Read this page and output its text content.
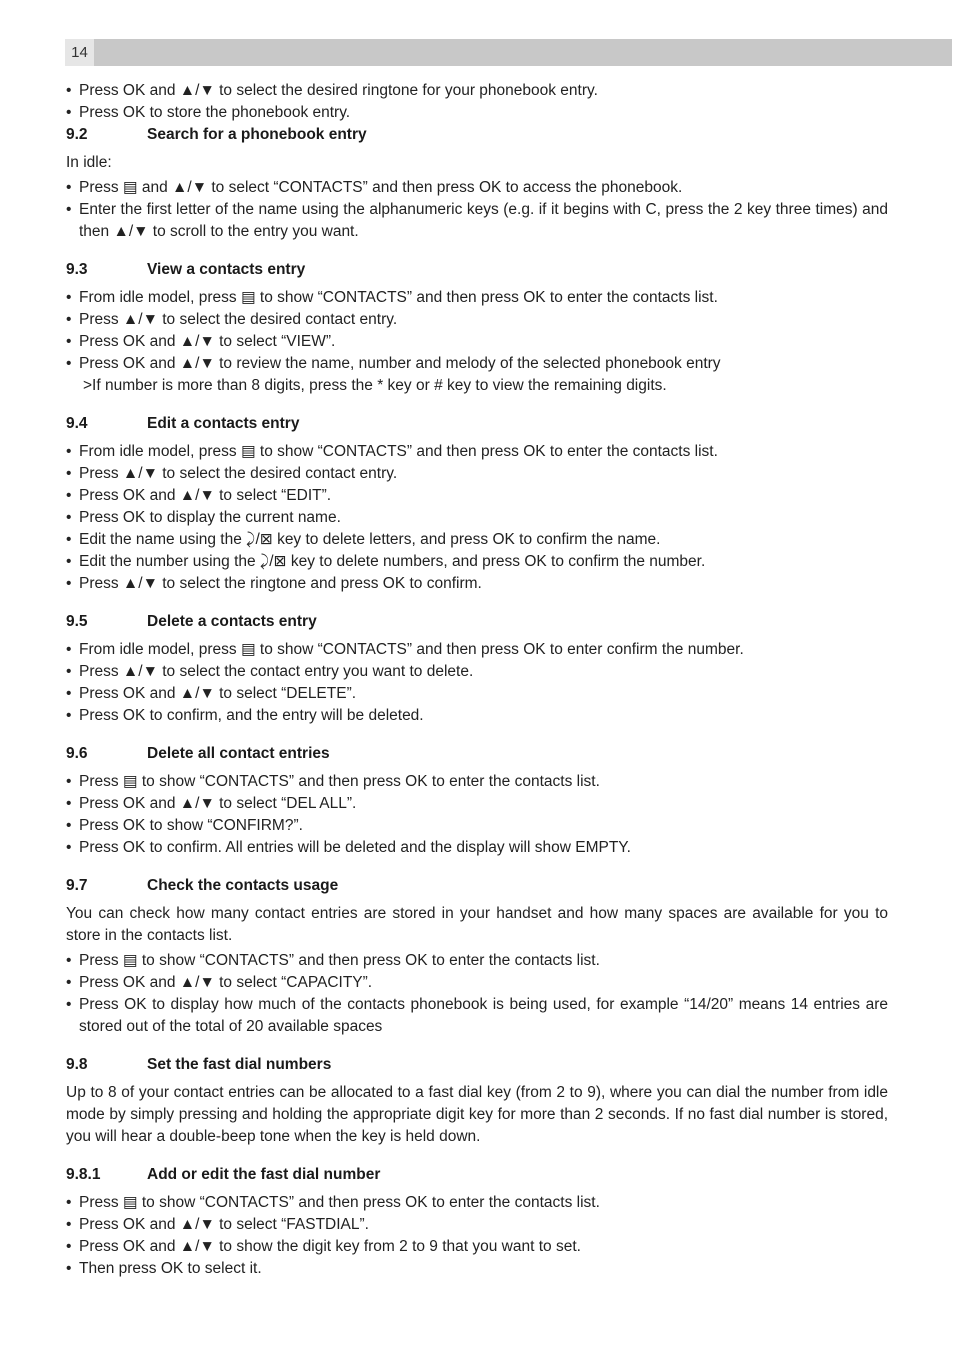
14
• Press OK and ▲/▼ to select the desired ringtone for your phonebook entry.
• Press OK to store the phonebook entry.
9.2	Search for a phonebook entry
In idle:
• Press ▤ and ▲/▼ to select “CONTACTS” and then press OK to access the phonebook.
• Enter the first letter of the name using the alphanumeric keys (e.g. if it begins with C, press the 2 key three times) and then ▲/▼ to scroll to the entry you want.
9.3	View a contacts entry
• From idle model, press ▤ to show “CONTACTS” and then press OK to enter the contacts list.
• Press ▲/▼ to select the desired contact entry.
• Press OK and ▲/▼ to select “VIEW”.
• Press OK and ▲/▼ to review the name, number and melody of the selected phonebook entry
>If number is more than 8 digits, press the * key or # key to view the remaining digits.
9.4	Edit a contacts entry
• From idle model, press ▤ to show “CONTACTS” and then press OK to enter the contacts list.
• Press ▲/▼ to select the desired contact entry.
• Press OK and ▲/▼ to select “EDIT”.
• Press OK to display the current name.
• Edit the name using the ⤸/⊠ key to delete letters, and press OK to confirm the name.
• Edit the number using the ⤸/⊠ key to delete numbers, and press OK to confirm the number.
• Press ▲/▼ to select the ringtone and press OK to confirm.
9.5	Delete a contacts entry
• From idle model, press ▤ to show “CONTACTS” and then press OK to enter confirm the number.
• Press ▲/▼ to select the contact entry you want to delete.
• Press OK and ▲/▼ to select “DELETE”.
• Press OK to confirm, and the entry will be deleted.
9.6	Delete all contact entries
• Press ▤ to show “CONTACTS” and then press OK to enter the contacts list.
• Press OK and ▲/▼ to select “DEL ALL”.
• Press OK to show “CONFIRM?”.
• Press OK to confirm. All entries will be deleted and the display will show EMPTY.
9.7	Check the contacts usage
You can check how many contact entries are stored in your handset and how many spaces are available for you to store in the contacts list.
• Press ▤ to show “CONTACTS” and then press OK to enter the contacts list.
• Press OK and ▲/▼ to select “CAPACITY”.
• Press OK to display how much of the contacts phonebook is being used, for example “14/20” means 14 entries are stored out of the total of 20 available spaces
9.8	Set the fast dial numbers
Up to 8 of your contact entries can be allocated to a fast dial key (from 2 to 9), where you can dial the number from idle mode by simply pressing and holding the appropriate digit key for more than 2 seconds. If no fast dial number is stored, you will hear a double-beep tone when the key is held down.
9.8.1	Add or edit the fast dial number
• Press ▤ to show “CONTACTS” and then press OK to enter the contacts list.
• Press OK and ▲/▼ to select “FASTDIAL”.
• Press OK and ▲/▼ to show the digit key from 2 to 9 that you want to set.
• Then press OK to select it.
